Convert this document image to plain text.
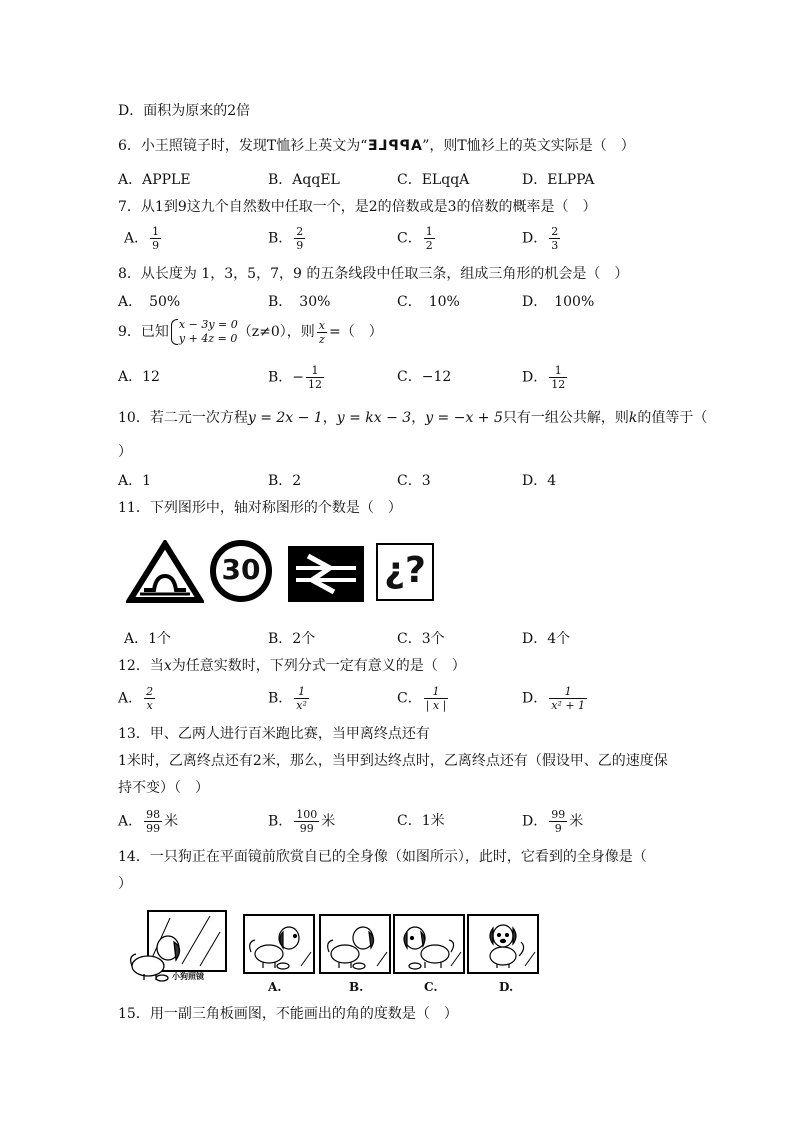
D．面积为原来的2倍
6．小王照镜子时，发现T恤衫上英文为“APPLE”，则T恤衫上的英文实际是（　）
A．APPLE	B．AqqEL	C．ELqqA	D．ELPPA
7．从1到9这九个自然数中任取一个，是2的倍数或是3的倍数的概率是（　）
A． $\frac{1}{9}$	B． $\frac{2}{9}$	C． $\frac{1}{2}$	D． $\frac{2}{3}$
8．从长度为 1，3，5，7，9 的五条线段中任取三条，组成三角形的机会是（　）
A．　50%	B．　30%	C．　10%	D．　100%
9．已知 x − 3y = 0
y + 4z = 0 （z≠0），则 $\frac{x}{z}$ =（　）
A．12	B．− $\frac{1}{12}$	C．−12	D． $\frac{1}{12}$
10．若二元一次方程y = 2x − 1，y = kx − 3，y = −x + 5只有一组公共解，则k的值等于（
）
A．1	B．2	C．3	D．4
11．下列图形中，轴对称图形的个数是（　）
30	¿?
A．1个	B．2个	C．3个	D．4个
12．当x为任意实数时，下列分式一定有意义的是（　）
A． $\frac{2}{x}$	B． $\frac{1}{\text{x²}}$	C． $\frac{1}{| x |}$	D． $\frac{1}{\text{x² + 1}}$
13．甲、乙两人进行百米跑比赛，当甲离终点还有
1米时，乙离终点还有2米，那么，当甲到达终点时，乙离终点还有（假设甲、乙的速度保
持不变）（　）
A． $\frac{98}{99}$ 米	B． $\frac{100}{99}$ 米	C．1米	D． $\frac{99}{9}$ 米
14．一只狗正在平面镜前欣赏自已的全身像（如图所示），此时，它看到的全身像是（
）
小狗照镜
A.	B.	C.	D.
15．用一副三角板画图，不能画出的角的度数是（　）
